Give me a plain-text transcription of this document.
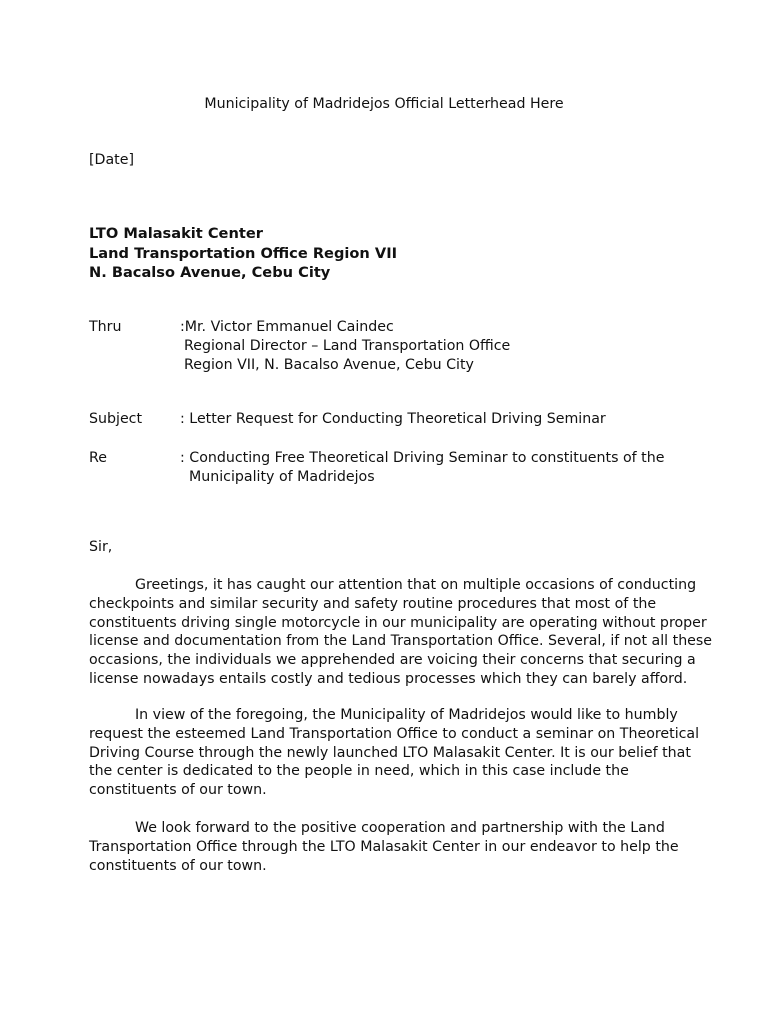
Municipality of Madridejos Official Letterhead Here
[Date]
LTO Malasakit Center
Land Transportation Office Region VII
N. Bacalso Avenue, Cebu City
Thru	:Mr. Victor Emmanuel Caindec
Regional Director – Land Transportation Office
Region VII, N. Bacalso Avenue, Cebu City
Subject	: Letter Request for Conducting Theoretical Driving Seminar
Re	: Conducting Free Theoretical Driving Seminar to constituents of the
Municipality of Madridejos
Sir,
Greetings, it has caught our attention that on multiple occasions of conducting
checkpoints and similar security and safety routine procedures that most of the
constituents driving single motorcycle in our municipality are operating without proper
license and documentation from the Land Transportation Office. Several, if not all these
occasions, the individuals we apprehended are voicing their concerns that securing a
license nowadays entails costly and tedious processes which they can barely afford.
In view of the foregoing, the Municipality of Madridejos would like to humbly
request the esteemed Land Transportation Office to conduct a seminar on Theoretical
Driving Course through the newly launched LTO Malasakit Center. It is our belief that
the center is dedicated to the people in need, which in this case include the
constituents of our town.
We look forward to the positive cooperation and partnership with the Land
Transportation Office through the LTO Malasakit Center in our endeavor to help the
constituents of our town.
